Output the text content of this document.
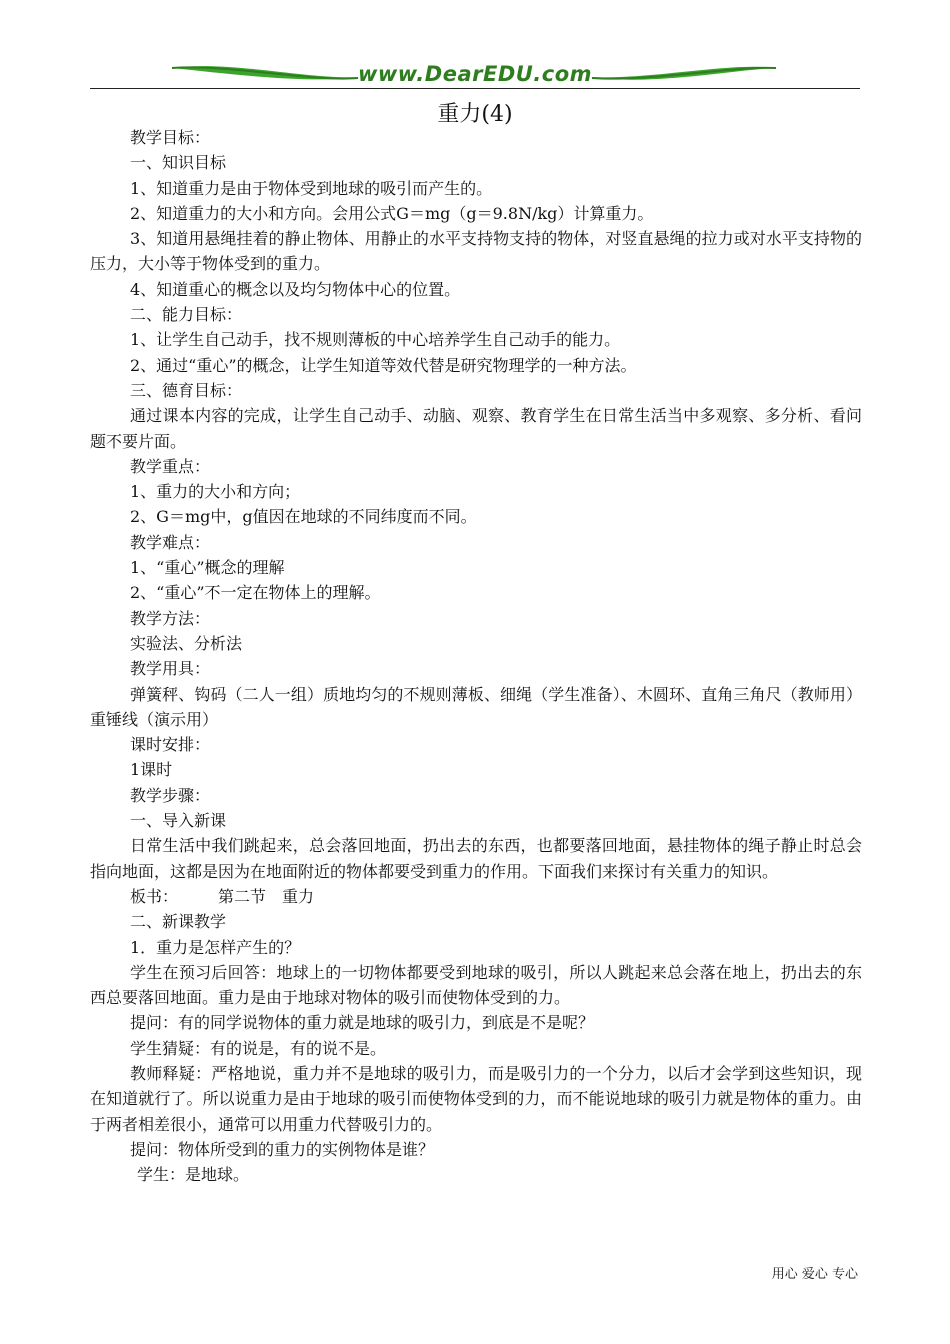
www.DearEDU.com
重力(4)

教学目标：

一、知识目标

1、知道重力是由于物体受到地球的吸引而产生的。

2、知道重力的大小和方向。会用公式G＝mg（g＝9.8N/kg）计算重力。

3、知道用悬绳挂着的静止物体、用静止的水平支持物支持的物体，对竖直悬绳的拉力或对水平支持物的压力，大小等于物体受到的重力。

4、知道重心的概念以及均匀物体中心的位置。

二、能力目标：

1、让学生自己动手，找不规则薄板的中心培养学生自己动手的能力。

2、通过“重心”的概念，让学生知道等效代替是研究物理学的一种方法。

三、德育目标：

通过课本内容的完成，让学生自己动手、动脑、观察、教育学生在日常生活当中多观察、多分析、看问题不要片面。

教学重点：

1、重力的大小和方向；

2、G＝mg中，g值因在地球的不同纬度而不同。

教学难点：

1、“重心”概念的理解

2、“重心”不一定在物体上的理解。

教学方法：

实验法、分析法

教学用具：

弹簧秤、钩码（二人一组）质地均匀的不规则薄板、细绳（学生准备）、木圆环、直角三角尺（教师用）重锤线（演示用）

课时安排：

1课时

教学步骤：

一、导入新课

日常生活中我们跳起来，总会落回地面，扔出去的东西，也都要落回地面，悬挂物体的绳子静止时总会指向地面，这都是因为在地面附近的物体都要受到重力的作用。下面我们来探讨有关重力的知识。

板书：　　　第二节　重力

二、新课教学

1．重力是怎样产生的？

学生在预习后回答：地球上的一切物体都要受到地球的吸引，所以人跳起来总会落在地上，扔出去的东西总要落回地面。重力是由于地球对物体的吸引而使物体受到的力。

提问：有的同学说物体的重力就是地球的吸引力，到底是不是呢？

学生猜疑：有的说是，有的说不是。

教师释疑：严格地说，重力并不是地球的吸引力，而是吸引力的一个分力，以后才会学到这些知识，现在知道就行了。所以说重力是由于地球的吸引而使物体受到的力，而不能说地球的吸引力就是物体的重力。由于两者相差很小，通常可以用重力代替吸引力的。

提问：物体所受到的重力的实例物体是谁？

学生：是地球。

用心 爱心 专心
